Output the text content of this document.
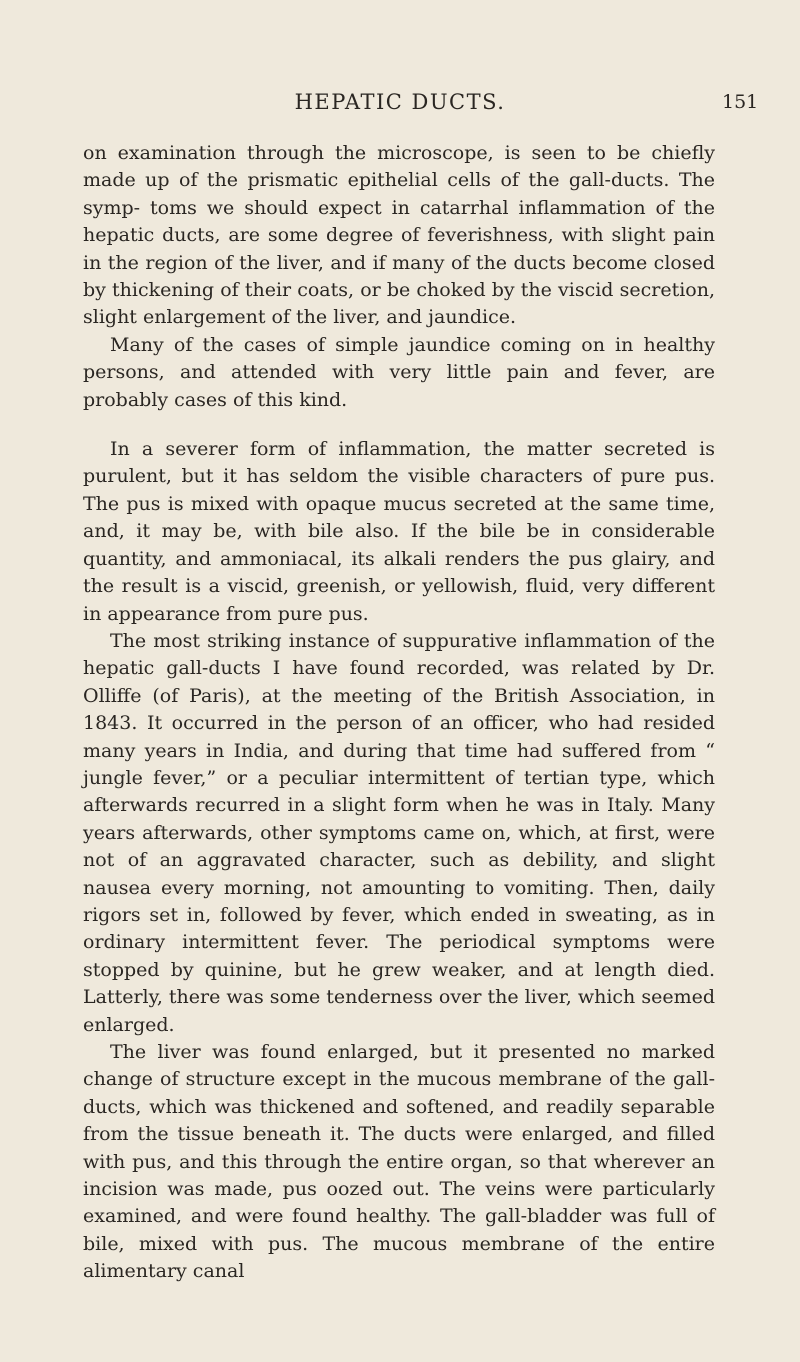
HEPATIC DUCTS.	151

on examination through the microscope, is seen to be chiefly made up of the prismatic epithelial cells of the gall-ducts. The symp- toms we should expect in catarrhal inflammation of the hepatic ducts, are some degree of feverishness, with slight pain in the region of the liver, and if many of the ducts become closed by thickening of their coats, or be choked by the viscid secretion, slight enlargement of the liver, and jaundice.

Many of the cases of simple jaundice coming on in healthy persons, and attended with very little pain and fever, are probably cases of this kind.

In a severer form of inflammation, the matter secreted is purulent, but it has seldom the visible characters of pure pus. The pus is mixed with opaque mucus secreted at the same time, and, it may be, with bile also. If the bile be in considerable quantity, and ammoniacal, its alkali renders the pus glairy, and the result is a viscid, greenish, or yellowish, fluid, very different in appearance from pure pus.

The most striking instance of suppurative inflammation of the hepatic gall-ducts I have found recorded, was related by Dr. Olliffe (of Paris), at the meeting of the British Association, in 1843. It occurred in the person of an officer, who had resided many years in India, and during that time had suffered from “ jungle fever,” or a peculiar intermittent of tertian type, which afterwards recurred in a slight form when he was in Italy. Many years afterwards, other symptoms came on, which, at first, were not of an aggravated character, such as debility, and slight nausea every morning, not amounting to vomiting. Then, daily rigors set in, followed by fever, which ended in sweating, as in ordinary intermittent fever. The periodical symptoms were stopped by quinine, but he grew weaker, and at length died. Latterly, there was some tenderness over the liver, which seemed enlarged.

The liver was found enlarged, but it presented no marked change of structure except in the mucous membrane of the gall-ducts, which was thickened and softened, and readily separable from the tissue beneath it. The ducts were enlarged, and filled with pus, and this through the entire organ, so that wherever an incision was made, pus oozed out. The veins were particularly examined, and were found healthy. The gall-bladder was full of bile, mixed with pus. The mucous membrane of the entire alimentary canal
